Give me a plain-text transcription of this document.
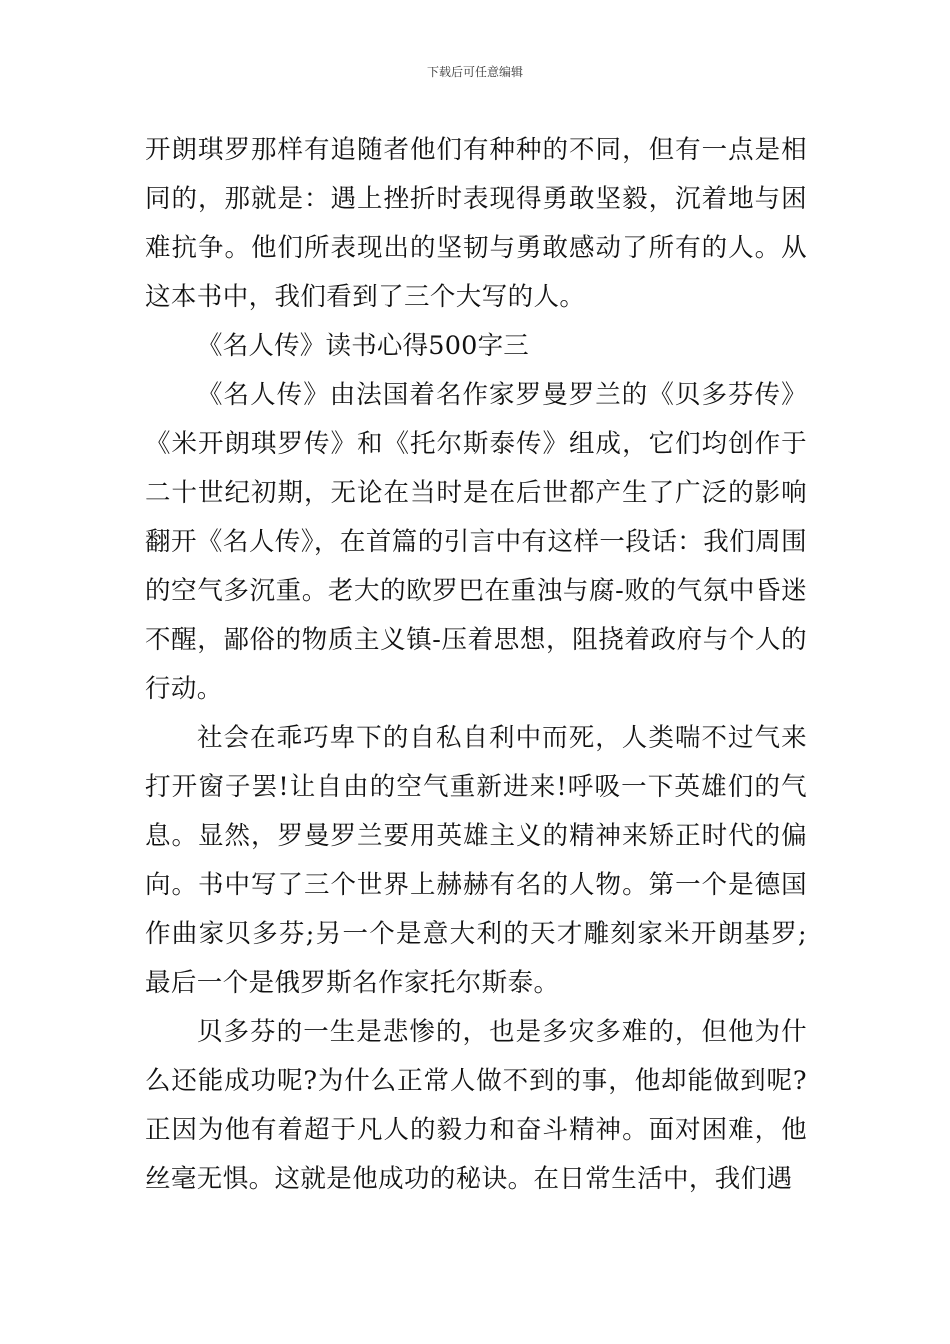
下载后可任意编辑

开朗琪罗那样有追随者他们有种种的不同，但有一点是相同的，那就是：遇上挫折时表现得勇敢坚毅，沉着地与困难抗争。他们所表现出的坚韧与勇敢感动了所有的人。从这本书中，我们看到了三个大写的人。

《名人传》读书心得500字三

《名人传》由法国着名作家罗曼罗兰的《贝多芬传》《米开朗琪罗传》和《托尔斯泰传》组成，它们均创作于二十世纪初期，无论在当时是在后世都产生了广泛的影响翻开《名人传》，在首篇的引言中有这样一段话：我们周围的空气多沉重。老大的欧罗巴在重浊与腐-败的气氛中昏迷不醒，鄙俗的物质主义镇-压着思想，阻挠着政府与个人的行动。

社会在乖巧卑下的自私自利中而死，人类喘不过气来打开窗子罢!让自由的空气重新进来!呼吸一下英雄们的气息。显然，罗曼罗兰要用英雄主义的精神来矫正时代的偏向。书中写了三个世界上赫赫有名的人物。第一个是德国作曲家贝多芬;另一个是意大利的天才雕刻家米开朗基罗;最后一个是俄罗斯名作家托尔斯泰。

贝多芬的一生是悲惨的，也是多灾多难的，但他为什么还能成功呢?为什么正常人做不到的事，他却能做到呢?正因为他有着超于凡人的毅力和奋斗精神。面对困难，他丝毫无惧。这就是他成功的秘诀。在日常生活中，我们遇
